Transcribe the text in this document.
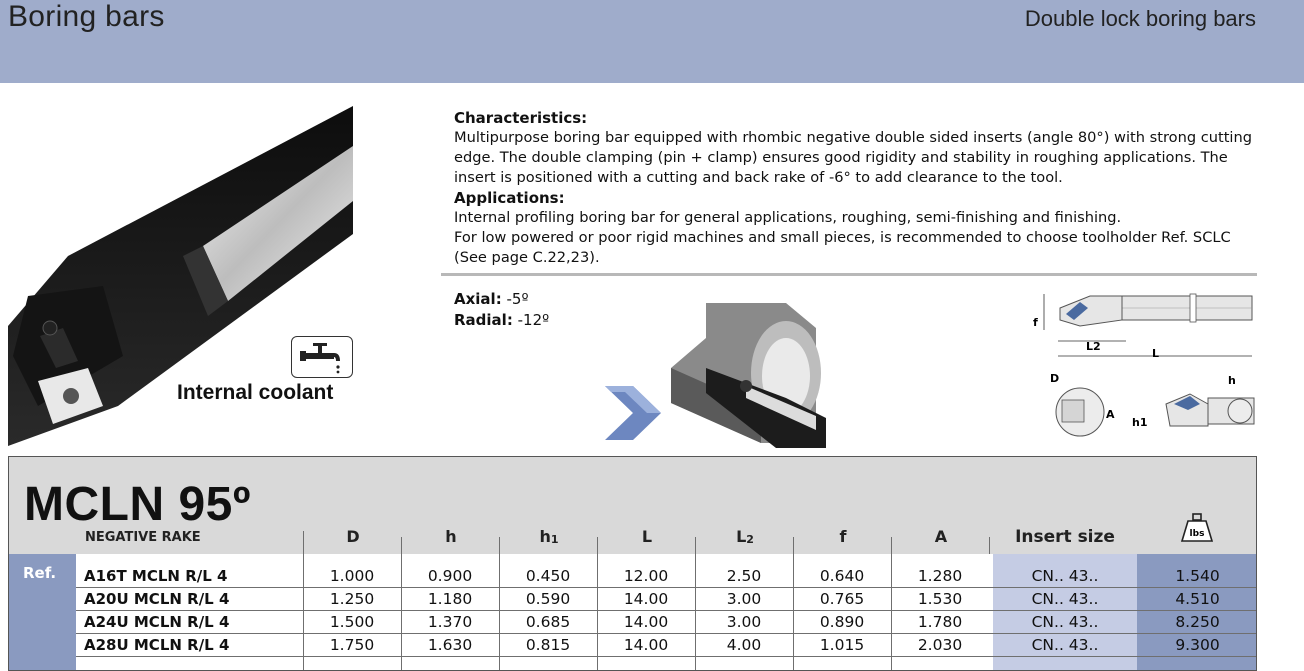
Boring bars	Double lock boring bars
Internal coolant

Characteristics:

Multipurpose boring bar equipped with rhombic negative double sided inserts (angle 80°) with strong cutting edge. The double clamping (pin + clamp) ensures good rigidity and stability in roughing applications. The insert is positioned with a cutting and back rake of -6° to add clearance to the tool.

Applications:

Internal profiling boring bar for general applications, roughing, semi-finishing and finishing.

For low powered or poor rigid machines and small pieces, is recommended to choose toolholder Ref. SCLC (See page C.22,23).

Axial: -5º
Radial: -12º	f
L2
L
D
A
h
h1
MCLN 95º
NEGATIVE RAKE	D	h	$h_1$	L	$L_2$	f	A	Insert size	lbs
Ref. A16T MCLN R/L 4	1.000	0.900	0.450	12.00	2.50	0.640	1.280	CN.. 43..	1.540
A20U MCLN R/L 4	1.250	1.180	0.590	14.00	3.00	0.765	1.530	CN.. 43..	4.510
A24U MCLN R/L 4	1.500	1.370	0.685	14.00	3.00	0.890	1.780	CN.. 43..	8.250
A28U MCLN R/L 4	1.750	1.630	0.815	14.00	4.00	1.015	2.030	CN.. 43..	9.300
